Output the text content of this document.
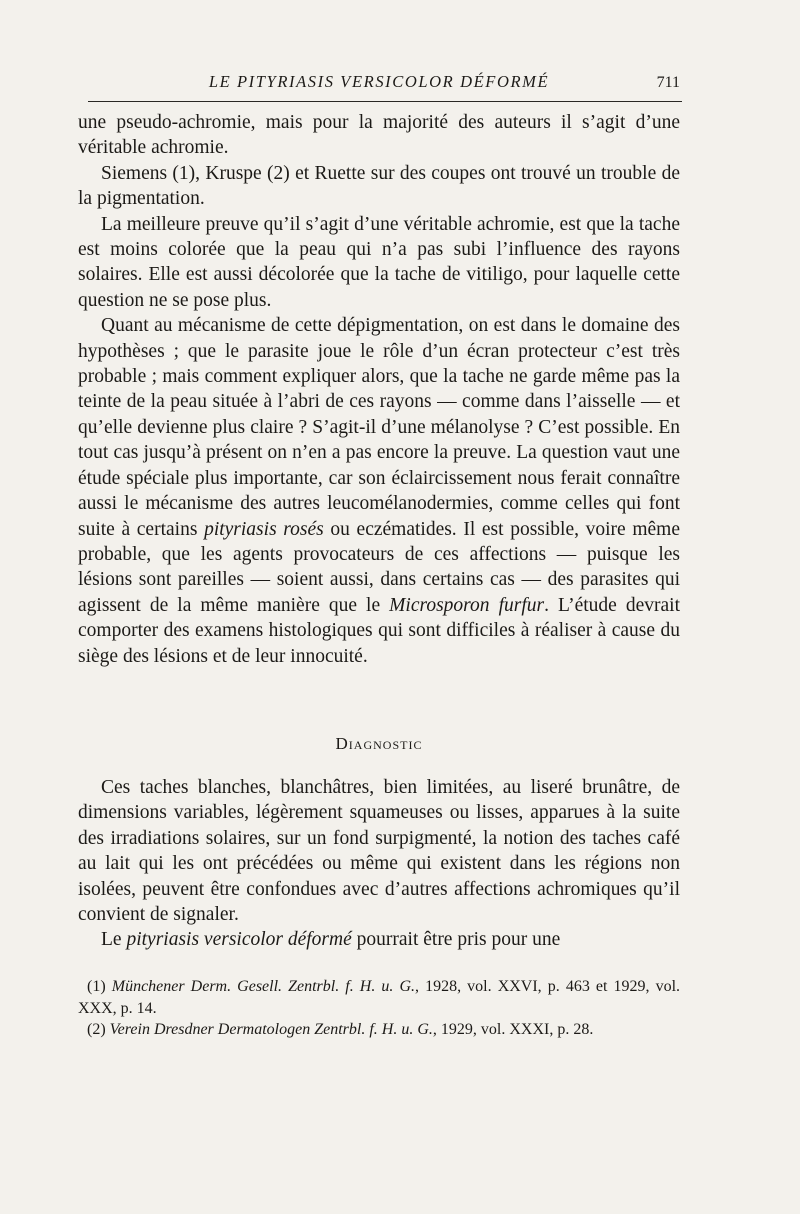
LE PITYRIASIS VERSICOLOR DÉFORMÉ	711

une pseudo-achromie, mais pour la majorité des auteurs il s’agit d’une véritable achromie.

Siemens (1), Kruspe (2) et Ruette sur des coupes ont trouvé un trouble de la pigmentation.

La meilleure preuve qu’il s’agit d’une véritable achromie, est que la tache est moins colorée que la peau qui n’a pas subi l’influence des rayons solaires. Elle est aussi décolorée que la tache de vitiligo, pour laquelle cette question ne se pose plus.

Quant au mécanisme de cette dépigmentation, on est dans le domaine des hypothèses ; que le parasite joue le rôle d’un écran protecteur c’est très probable ; mais comment expliquer alors, que la tache ne garde même pas la teinte de la peau située à l’abri de ces rayons — comme dans l’aisselle — et qu’elle devienne plus claire ? S’agit-il d’une mélanolyse ? C’est possible. En tout cas jusqu’à présent on n’en a pas encore la preuve. La question vaut une étude spéciale plus importante, car son éclaircissement nous ferait connaître aussi le mécanisme des autres leucomélanodermies, comme celles qui font suite à certains pityriasis rosés ou eczématides. Il est possible, voire même probable, que les agents provocateurs de ces affections — puisque les lésions sont pareilles — soient aussi, dans certains cas — des parasites qui agissent de la même manière que le Microsporon furfur. L’étude devrait comporter des examens histologiques qui sont difficiles à réaliser à cause du siège des lésions et de leur innocuité.

Diagnostic

Ces taches blanches, blanchâtres, bien limitées, au liseré brunâtre, de dimensions variables, légèrement squameuses ou lisses, apparues à la suite des irradiations solaires, sur un fond surpigmenté, la notion des taches café au lait qui les ont précédées ou même qui existent dans les régions non isolées, peuvent être confondues avec d’autres affections achromiques qu’il convient de signaler.

Le pityriasis versicolor déformé pourrait être pris pour une

(1) Münchener Derm. Gesell. Zentrbl. f. H. u. G., 1928, vol. XXVI, p. 463 et 1929, vol. XXX, p. 14.

(2) Verein Dresdner Dermatologen Zentrbl. f. H. u. G., 1929, vol. XXXI, p. 28.
